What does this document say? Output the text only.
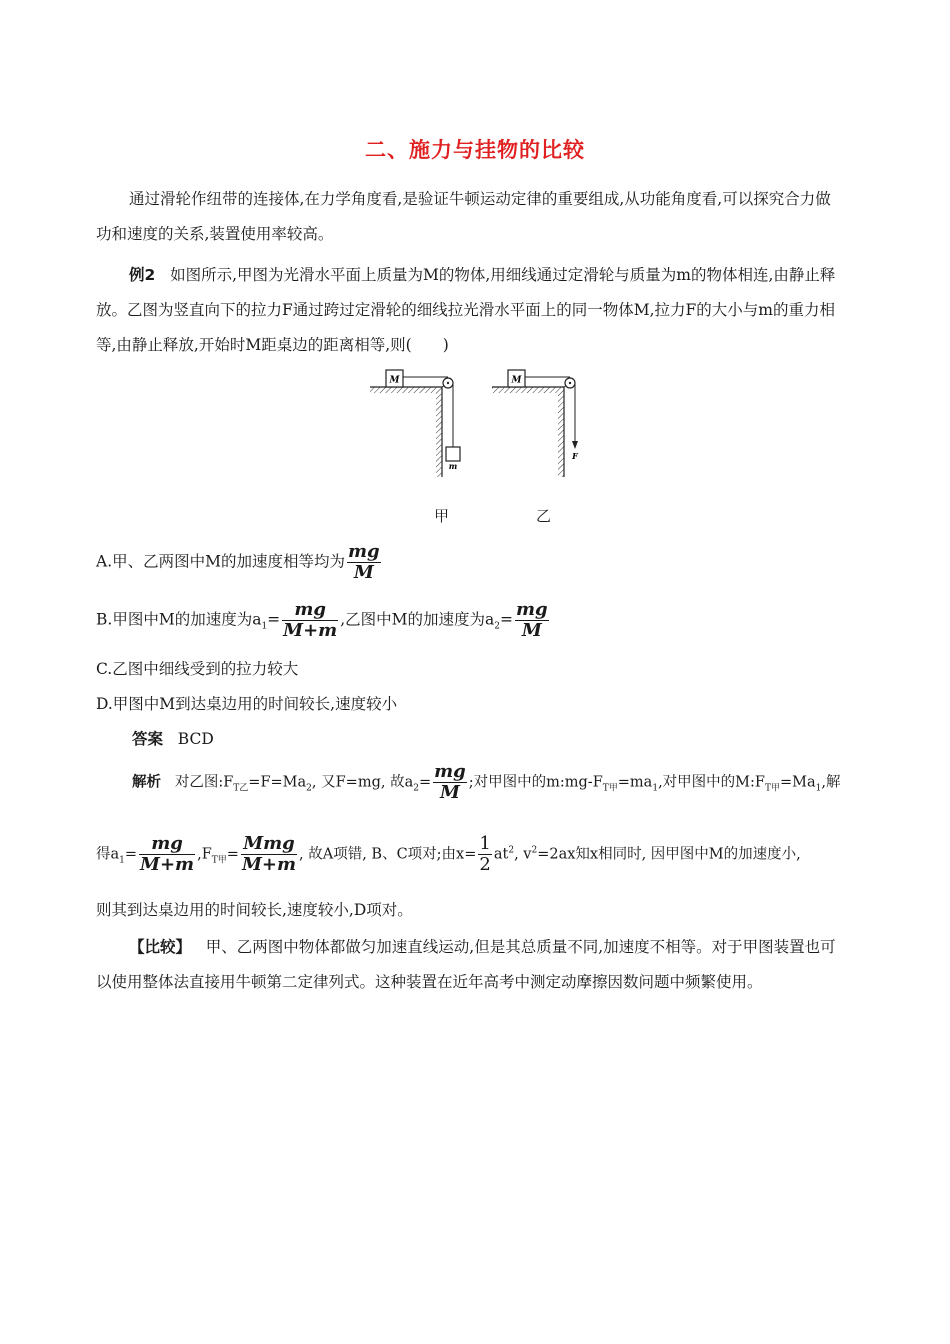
二、施力与挂物的比较

通过滑轮作纽带的连接体,在力学角度看,是验证牛顿运动定律的重要组成,从功能角度看,可以探究合力做功和速度的关系,装置使用率较高。

例2 如图所示,甲图为光滑水平面上质量为M的物体,用细线通过定滑轮与质量为m的物体相连,由静止释放。乙图为竖直向下的拉力F通过跨过定滑轮的细线拉光滑水平面上的同一物体M,拉力F的大小与m的重力相等,由静止释放,开始时M距桌边的距离相等,则(　　)

M
m
M
F
甲	乙
A.甲、乙两图中M的加速度相等均为 $\frac{mg}{M}$
B.甲图中M的加速度为$a_1= \frac{mg}{M+m}$ ,乙图中M的加速度为$a_2= \frac{mg}{M}$
C.乙图中细线受到的拉力较大
D.甲图中M到达桌边用的时间较长,速度较小
答案 BCD
解析 对乙图$:F_{T乙}=F=Ma_2$, 又F=mg, 故$a_2= \frac{mg}{M}$ ;对甲图中的$m:mg-F_{T甲}=ma_1$,对甲图中的$M:F_{T甲}=Ma_1$,解
得$a_1= \frac{mg}{M+m} ,F_{T甲}= \frac{\text{Mmg}}{M+m}$ , 故A项错, B、C项对;由$x= \frac{1}{2} at^2$, $v^2=2ax$知x相同时, 因甲图中M的加速度小,
则其到达桌边用的时间较长,速度较小,D项对。

【比较】 甲、乙两图中物体都做匀加速直线运动,但是其总质量不同,加速度不相等。对于甲图装置也可以使用整体法直接用牛顿第二定律列式。这种装置在近年高考中测定动摩擦因数问题中频繁使用。
